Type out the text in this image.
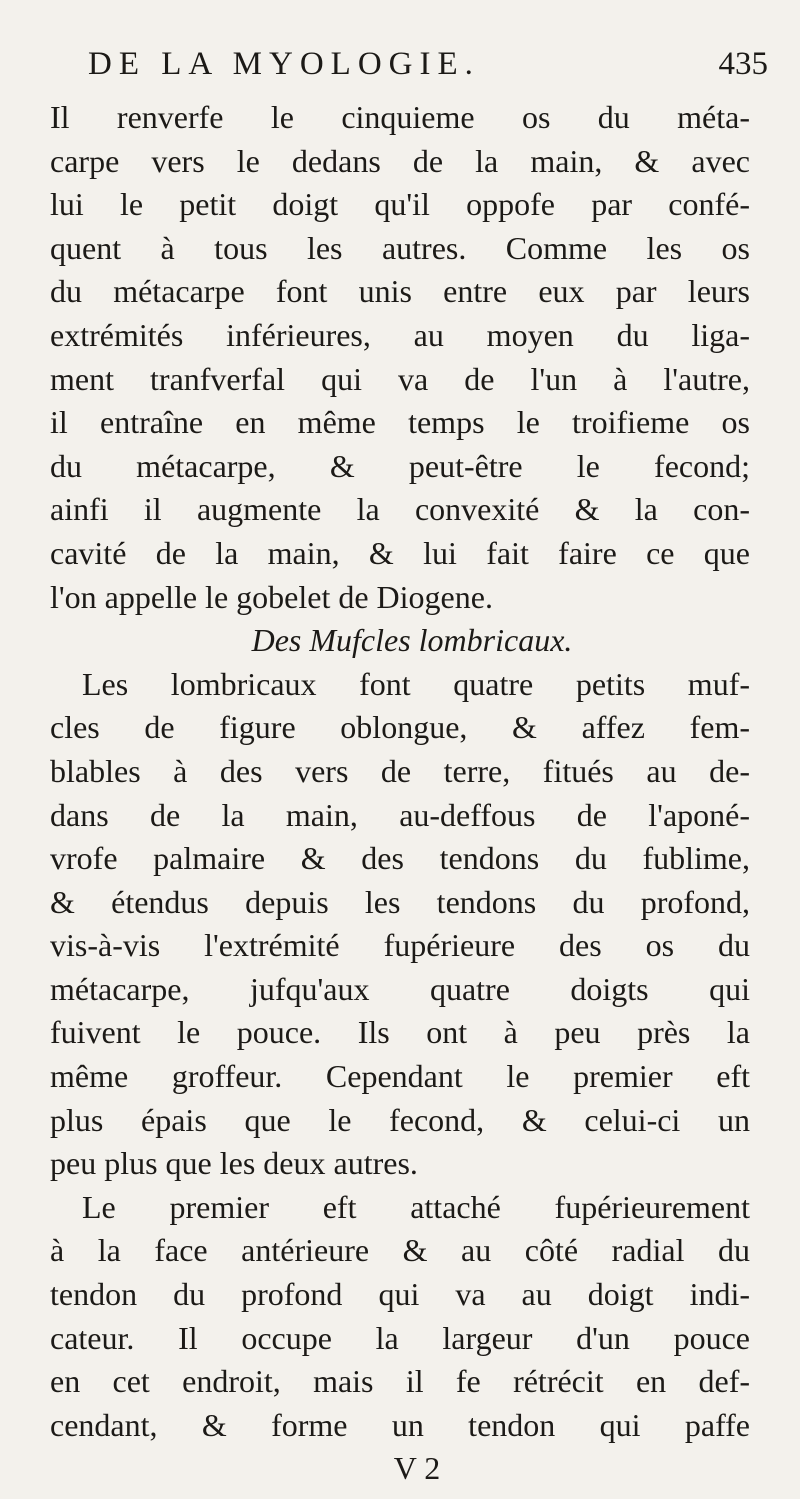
DE LA MYOLOGIE.	435
Il renverfe le cinquieme os du méta-
carpe vers le dedans de la main, & avec
lui le petit doigt qu'il oppofe par confé-
quent à tous les autres. Comme les os
du métacarpe font unis entre eux par leurs
extrémités inférieures, au moyen du liga-
ment tranfverfal qui va de l'un à l'autre,
il entraîne en même temps le troifieme os
du métacarpe, & peut-être le fecond;
ainfi il augmente la convexité & la con-
cavité de la main, & lui fait faire ce que
l'on appelle le gobelet de Diogene.
Des Mufcles lombricaux.
Les lombricaux font quatre petits muf-
cles de figure oblongue, & affez fem-
blables à des vers de terre, fitués au de-
dans de la main, au-deffous de l'aponé-
vrofe palmaire & des tendons du fublime,
& étendus depuis les tendons du profond,
vis-à-vis l'extrémité fupérieure des os du
métacarpe, jufqu'aux quatre doigts qui
fuivent le pouce. Ils ont à peu près la
même groffeur. Cependant le premier eft
plus épais que le fecond, & celui-ci un
peu plus que les deux autres.
Le premier eft attaché fupérieurement
à la face antérieure & au côté radial du
tendon du profond qui va au doigt indi-
cateur. Il occupe la largeur d'un pouce
en cet endroit, mais il fe rétrécit en def-
cendant, & forme un tendon qui paffe
V 2
